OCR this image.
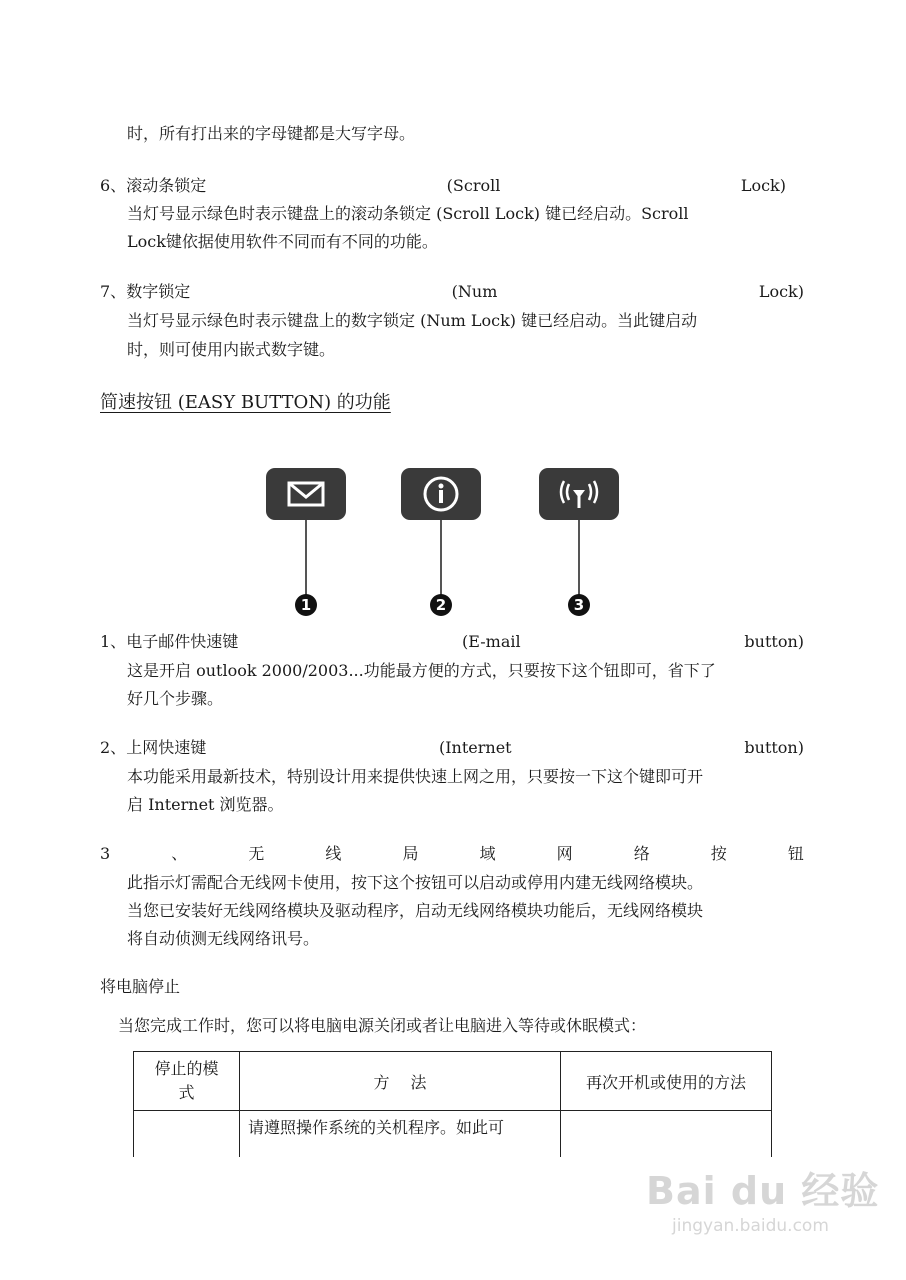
时，所有打出来的字母键都是大写字母。
6、滚动条锁定	(Scroll	Lock)
当灯号显示绿色时表示键盘上的滚动条锁定 (Scroll Lock) 键已经启动。Scroll
Lock键依据使用软件不同而有不同的功能。
7、数字锁定	(Num	Lock)
当灯号显示绿色时表示键盘上的数字锁定 (Num Lock) 键已经启动。当此键启动
时，则可使用内嵌式数字键。
简速按钮 (EASY BUTTON) 的功能
1	2	3
1、电子邮件快速键	(E-mail	button)
这是开启 outlook 2000/2003...功能最方便的方式，只要按下这个钮即可，省下了
好几个步骤。
2、上网快速键	(Internet	button)
本功能采用最新技术，特别设计用来提供快速上网之用，只要按一下这个键即可开
启 Internet 浏览器。
3	、	无	线	局	域	网	络	按	钮
此指示灯需配合无线网卡使用，按下这个按钮可以启动或停用内建无线网络模块。
当您已安装好无线网络模块及驱动程序，启动无线网络模块功能后，无线网络模块
将自动侦测无线网络讯号。
将电脑停止
当您完成工作时，您可以将电脑电源关闭或者让电脑进入等待或休眠模式：
停止的模
式	方　 法	再次开机或使用的方法
	请遵照操作系统的关机程序。如此可	
Bai du 经验
jingyan.baidu.com
